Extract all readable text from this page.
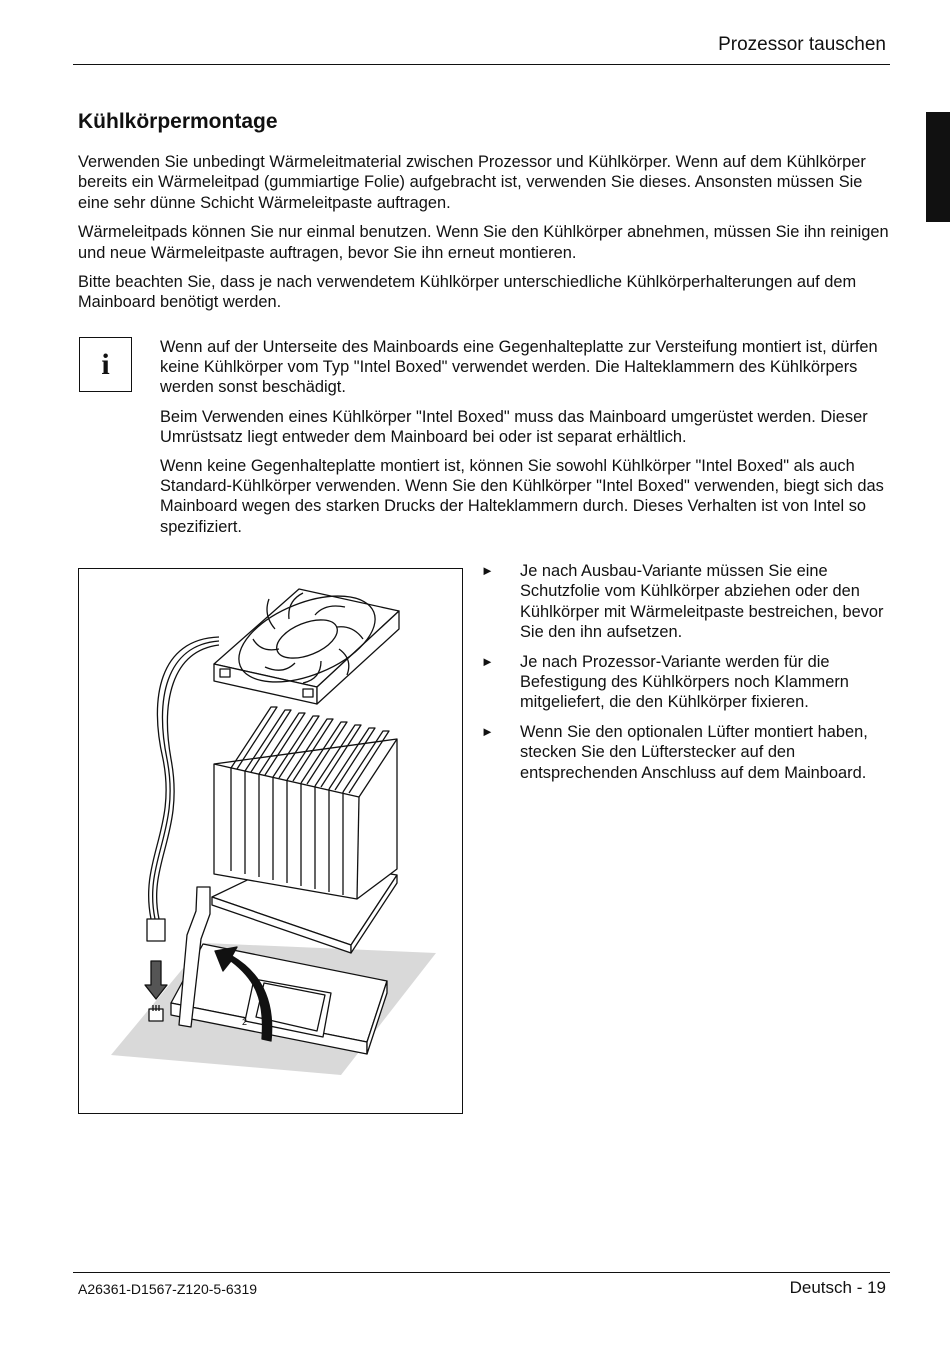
Prozessor tauschen
Kühlkörpermontage

Verwenden Sie unbedingt Wärmeleitmaterial zwischen Prozessor und Kühlkörper. Wenn auf dem Kühlkörper bereits ein Wärmeleitpad (gummiartige Folie) aufgebracht ist, verwenden Sie dieses. Ansonsten müssen Sie eine sehr dünne Schicht Wärmeleitpaste auftragen.

Wärmeleitpads können Sie nur einmal benutzen. Wenn Sie den Kühlkörper abnehmen, müssen Sie ihn reinigen und neue Wärmeleitpaste auftragen, bevor Sie ihn erneut montieren.

Bitte beachten Sie, dass je nach verwendetem Kühlkörper unterschiedliche Kühlkörperhalterungen auf dem Mainboard benötigt werden.

i

Wenn auf der Unterseite des Mainboards eine Gegenhalteplatte zur Versteifung montiert ist, dürfen keine Kühlkörper vom Typ "Intel Boxed" verwendet werden. Die Halteklammern des Kühlkörpers werden sonst beschädigt.

Beim Verwenden eines Kühlkörper "Intel Boxed" muss das Mainboard umgerüstet werden. Dieser Umrüstsatz liegt entweder dem Mainboard bei oder ist separat erhältlich.

Wenn keine Gegenhalteplatte montiert ist, können Sie sowohl Kühlkörper "Intel Boxed" als auch Standard-Kühlkörper verwenden. Wenn Sie den Kühlkörper "Intel Boxed" verwenden, biegt sich das Mainboard wegen des starken Drucks der Halteklammern durch. Dieses Verhalten ist von Intel so spezifiziert.

2
► Je nach Ausbau-Variante müssen Sie eine Schutzfolie vom Kühlkörper abziehen oder den Kühlkörper mit Wärmeleitpaste bestreichen, bevor Sie den ihn aufsetzen.
► Je nach Prozessor-Variante werden für die Befestigung des Kühlkörpers noch Klammern mitgeliefert, die den Kühlkörper fixieren.
► Wenn Sie den optionalen Lüfter montiert haben, stecken Sie den Lüfterstecker auf den entsprechenden Anschluss auf dem Mainboard.
A26361-D1567-Z120-5-6319	Deutsch - 19
